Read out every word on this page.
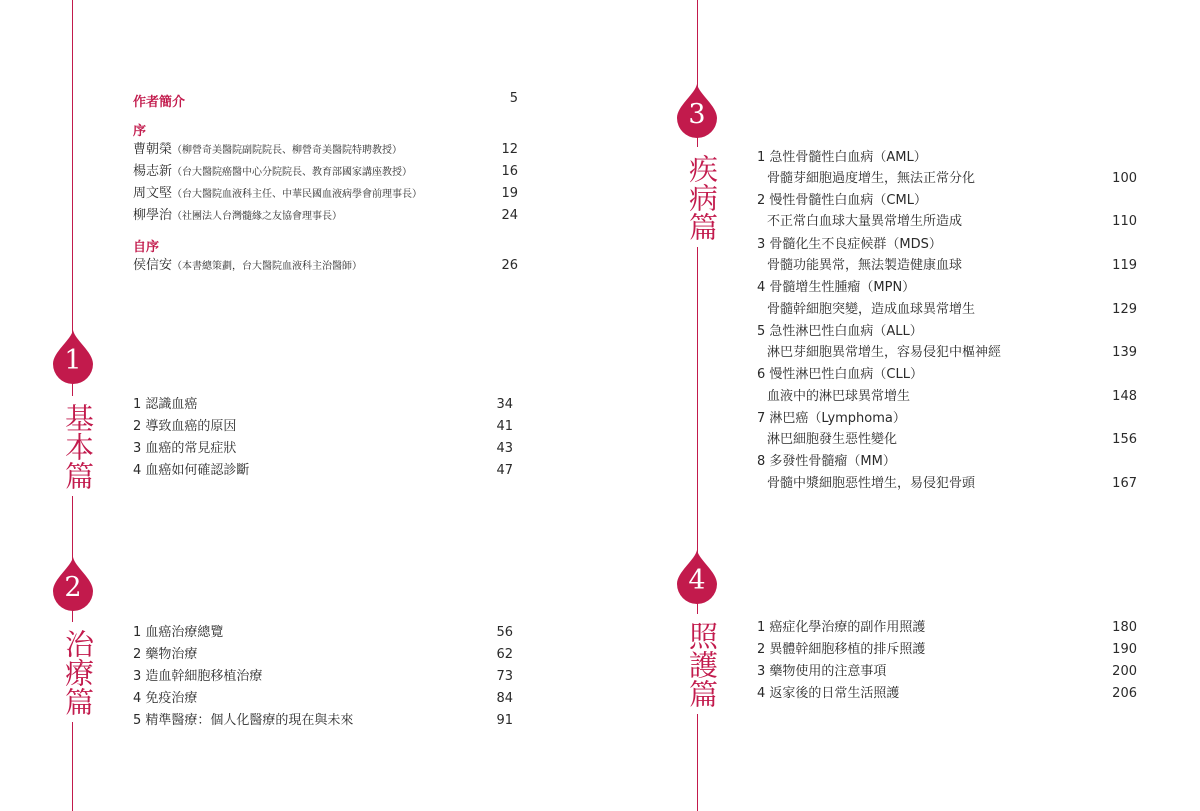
1
基本篇
2
治療篇
3
疾病篇
4
照護篇
作者簡介	5
序
曹朝榮（柳營奇美醫院副院院長、柳營奇美醫院特聘教授）	12
楊志新（台大醫院癌醫中心分院院長、教育部國家講座教授）	16
周文堅（台大醫院血液科主任、中華民國血液病學會前理事長）	19
柳學治（社團法人台灣髓緣之友協會理事長）	24
自序
侯信安（本書總策劃，台大醫院血液科主治醫師）	26
1 認識血癌	34
2 導致血癌的原因	41
3 血癌的常見症狀	43
4 血癌如何確認診斷	47
1 血癌治療總覽	56
2 藥物治療	62
3 造血幹細胞移植治療	73
4 免疫治療	84
5 精準醫療：個人化醫療的現在與未來	91
1 急性骨髓性白血病（AML）
骨髓芽細胞過度增生，無法正常分化	100
2 慢性骨髓性白血病（CML）
不正常白血球大量異常增生所造成	110
3 骨髓化生不良症候群（MDS）
骨髓功能異常，無法製造健康血球	119
4 骨髓增生性腫瘤（MPN）
骨髓幹細胞突變，造成血球異常增生	129
5 急性淋巴性白血病（ALL）
淋巴芽細胞異常增生，容易侵犯中樞神經	139
6 慢性淋巴性白血病（CLL）
血液中的淋巴球異常增生	148
7 淋巴癌（Lymphoma）
淋巴細胞發生惡性變化	156
8 多發性骨髓瘤（MM）
骨髓中漿細胞惡性增生，易侵犯骨頭	167
1 癌症化學治療的副作用照護	180
2 異體幹細胞移植的排斥照護	190
3 藥物使用的注意事項	200
4 返家後的日常生活照護	206
